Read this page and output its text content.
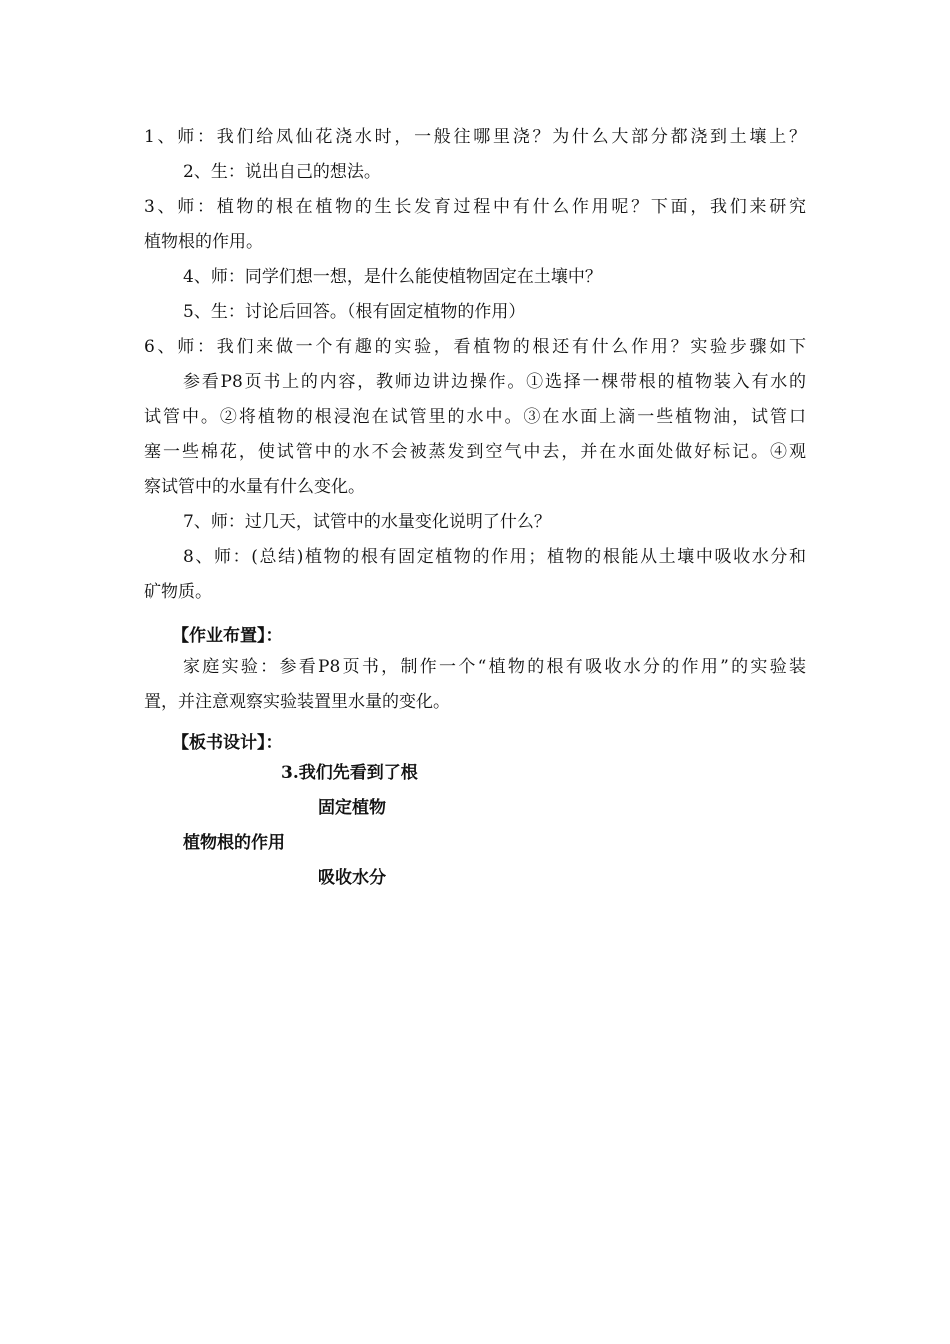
1、师：我们给凤仙花浇水时，一般往哪里浇？为什么大部分都浇到土壤上？
2、生：说出自己的想法。
3、师：植物的根在植物的生长发育过程中有什么作用呢？下面，我们来研究
植物根的作用。
4、师：同学们想一想，是什么能使植物固定在土壤中？
5、生：讨论后回答。（根有固定植物的作用）
6、师：我们来做一个有趣的实验，看植物的根还有什么作用？实验步骤如下
参看P8页书上的内容，教师边讲边操作。①选择一棵带根的植物装入有水的
试管中。②将植物的根浸泡在试管里的水中。③在水面上滴一些植物油，试管口
塞一些棉花，使试管中的水不会被蒸发到空气中去，并在水面处做好标记。④观
察试管中的水量有什么变化。
7、师：过几天，试管中的水量变化说明了什么？
8、师：(总结)植物的根有固定植物的作用；植物的根能从土壤中吸收水分和
矿物质。
【作业布置】：
家庭实验：参看P8页书，制作一个“植物的根有吸收水分的作用”的实验装
置，并注意观察实验装置里水量的变化。
【板书设计】：
3.我们先看到了根
固定植物
植物根的作用
吸收水分
